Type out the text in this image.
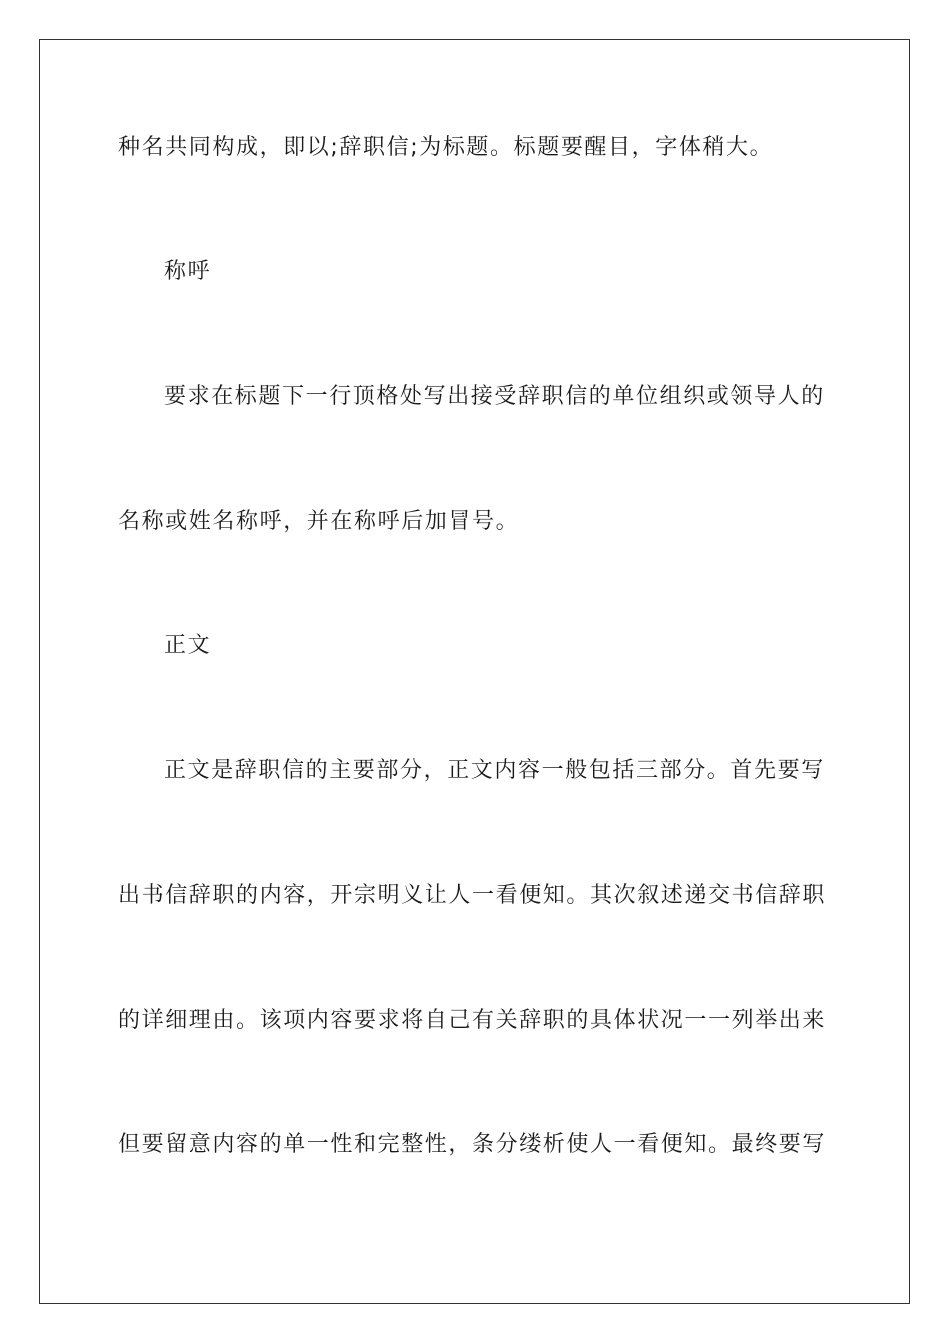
种名共同构成，即以;辞职信;为标题。标题要醒目，字体稍大。
称呼
要求在标题下一行顶格处写出接受辞职信的单位组织或领导人的
名称或姓名称呼，并在称呼后加冒号。
正文
正文是辞职信的主要部分，正文内容一般包括三部分。首先要写
出书信辞职的内容，开宗明义让人一看便知。其次叙述递交书信辞职
的详细理由。该项内容要求将自己有关辞职的具体状况一一列举出来
但要留意内容的单一性和完整性，条分缕析使人一看便知。最终要写
